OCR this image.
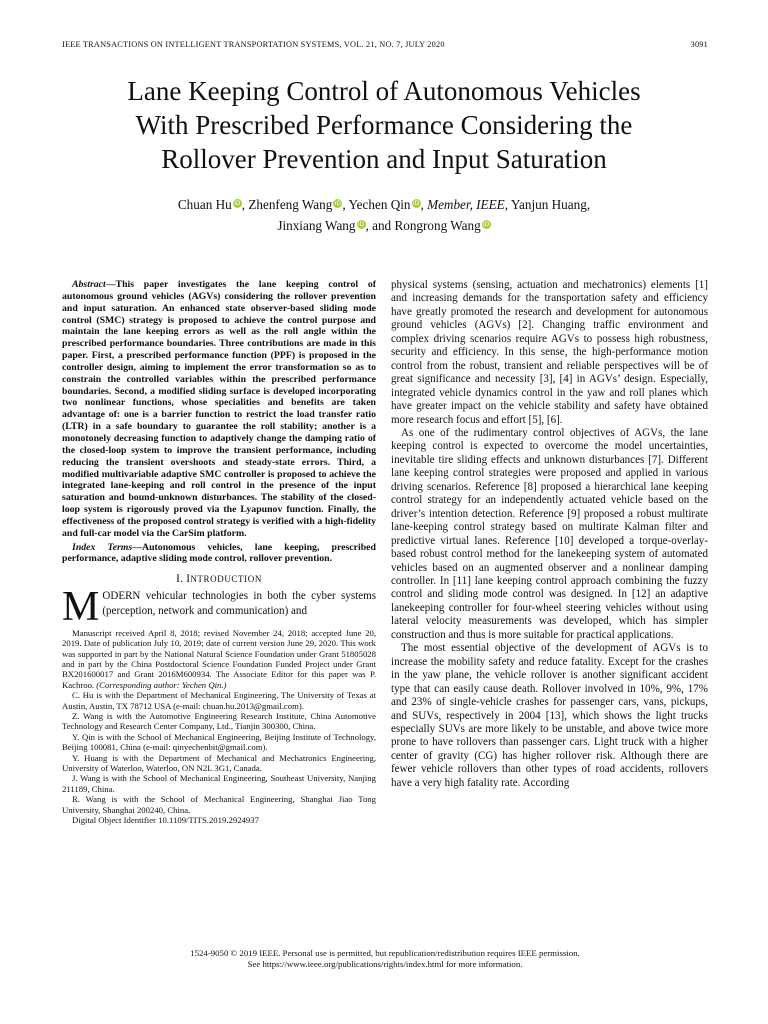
IEEE TRANSACTIONS ON INTELLIGENT TRANSPORTATION SYSTEMS, VOL. 21, NO. 7, JULY 2020	3091
Lane Keeping Control of Autonomous Vehicles
With Prescribed Performance Considering the
Rollover Prevention and Input Saturation
Chuan Hu iD, Zhenfeng Wang iD, Yechen Qin iD, Member, IEEE, Yanjun Huang,
Jinxiang Wang iD, and Rongrong Wang iD

Abstract—This paper investigates the lane keeping control of autonomous ground vehicles (AGVs) considering the rollover prevention and input saturation. An enhanced state observer-based sliding mode control (SMC) strategy is proposed to achieve the control purpose and maintain the lane keeping errors as well as the roll angle within the prescribed performance boundaries. Three contributions are made in this paper. First, a prescribed performance function (PPF) is proposed in the controller design, aiming to implement the error transformation so as to constrain the controlled variables within the prescribed performance boundaries. Second, a modified sliding surface is developed incorporating two nonlinear functions, whose specialities and benefits are taken advantage of: one is a barrier function to restrict the load transfer ratio (LTR) in a safe boundary to guarantee the roll stability; another is a monotonely decreasing function to adaptively change the damping ratio of the closed-loop system to improve the transient performance, including reducing the transient overshoots and steady-state errors. Third, a modified multivariable adaptive SMC controller is proposed to achieve the integrated lane-keeping and roll control in the presence of the input saturation and bound-unknown disturbances. The stability of the closed-loop system is rigorously proved via the Lyapunov function. Finally, the effectiveness of the proposed control strategy is verified with a high-fidelity and full-car model via the CarSim platform.

Index Terms—Autonomous vehicles, lane keeping, prescribed performance, adaptive sliding mode control, rollover prevention.

I. INTRODUCTION

MODERN vehicular technologies in both the cyber systems (perception, network and communication) and

Manuscript received April 8, 2018; revised November 24, 2018; accepted June 20, 2019. Date of publication July 10, 2019; date of current version June 29, 2020. This work was supported in part by the National Natural Science Foundation under Grant 51805028 and in part by the China Postdoctoral Science Foundation Funded Project under Grant BX201600017 and Grant 2016M600934. The Associate Editor for this paper was P. Kachroo. (Corresponding author: Yechen Qin.)

C. Hu is with the Department of Mechanical Engineering, The University of Texas at Austin, Austin, TX 78712 USA (e-mail: chuan.hu.2013@gmail.com).

Z. Wang is with the Automotive Engineering Research Institute, China Automotive Technology and Research Center Company, Ltd., Tianjin 300300, China.

Y. Qin is with the School of Mechanical Engineering, Beijing Institute of Technology, Beijing 100081, China (e-mail: qinyechenbit@gmail.com).

Y. Huang is with the Department of Mechanical and Mechatronics Engineering, University of Waterloo, Waterloo, ON N2L 3G1, Canada.

J. Wang is with the School of Mechanical Engineering, Southeast University, Nanjing 211189, China.

R. Wang is with the School of Mechanical Engineering, Shanghai Jiao Tong University, Shanghai 200240, China.

Digital Object Identifier 10.1109/TITS.2019.2924937

physical systems (sensing, actuation and mechatronics) elements [1] and increasing demands for the transportation safety and efficiency have greatly promoted the research and development for autonomous ground vehicles (AGVs) [2]. Changing traffic environment and complex driving scenarios require AGVs to possess high robustness, security and efficiency. In this sense, the high-performance motion control from the robust, transient and reliable perspectives will be of great significance and necessity [3], [4] in AGVs’ design. Especially, integrated vehicle dynamics control in the yaw and roll planes which have greater impact on the vehicle stability and safety have obtained more research focus and effort [5], [6].

As one of the rudimentary control objectives of AGVs, the lane keeping control is expected to overcome the model uncertainties, inevitable tire sliding effects and unknown disturbances [7]. Different lane keeping control strategies were proposed and applied in various driving scenarios. Reference [8] proposed a hierarchical lane keeping control strategy for an independently actuated vehicle based on the driver’s intention detection. Reference [9] proposed a robust multirate lane-keeping control strategy based on multirate Kalman filter and predictive virtual lanes. Reference [10] developed a torque-overlay-based robust control method for the lanekeeping system of automated vehicles based on an augmented observer and a nonlinear damping controller. In [11] lane keeping control approach combining the fuzzy control and sliding mode control was designed. In [12] an adaptive lanekeeping controller for four-wheel steering vehicles without using lateral velocity measurements was developed, which has simpler construction and thus is more suitable for practical applications.

The most essential objective of the development of AGVs is to increase the mobility safety and reduce fatality. Except for the crashes in the yaw plane, the vehicle rollover is another significant accident type that can easily cause death. Rollover involved in 10%, 9%, 17% and 23% of single-vehicle crashes for passenger cars, vans, pickups, and SUVs, respectively in 2004 [13], which shows the light trucks especially SUVs are more likely to be unstable, and above twice more prone to have rollovers than passenger cars. Light truck with a higher center of gravity (CG) has higher rollover risk. Although there are fewer vehicle rollovers than other types of road accidents, rollovers have a very high fatality rate. According

1524-9050 © 2019 IEEE. Personal use is permitted, but republication/redistribution requires IEEE permission.
See https://www.ieee.org/publications/rights/index.html for more information.
